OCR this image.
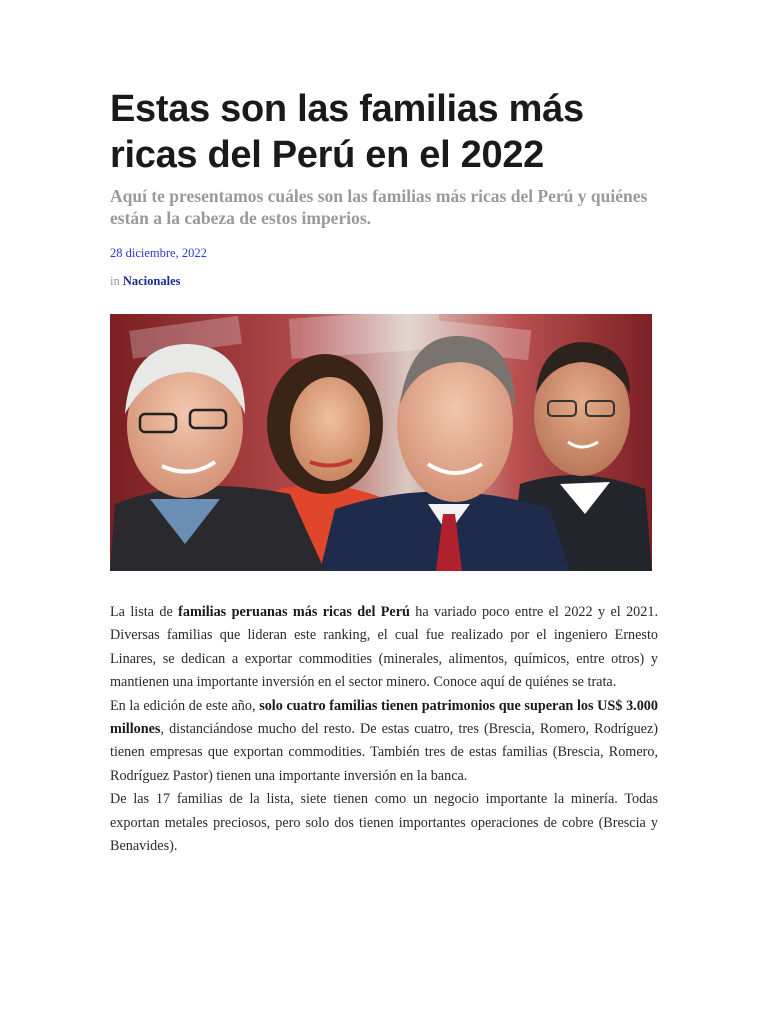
Estas son las familias más ricas del Perú en el 2022
Aquí te presentamos cuáles son las familias más ricas del Perú y quiénes están a la cabeza de estos imperios.
28 diciembre, 2022
in Nacionales

La lista de familias peruanas más ricas del Perú ha variado poco entre el 2022 y el 2021. Diversas familias que lideran este ranking, el cual fue realizado por el ingeniero Ernesto Linares, se dedican a exportar commodities (minerales, alimentos, químicos, entre otros) y mantienen una importante inversión en el sector minero. Conoce aquí de quiénes se trata.

En la edición de este año, solo cuatro familias tienen patrimonios que superan los US$ 3.000 millones, distanciándose mucho del resto. De estas cuatro, tres (Brescia, Romero, Rodríguez) tienen empresas que exportan commodities. También tres de estas familias (Brescia, Romero, Rodríguez Pastor) tienen una importante inversión en la banca.

De las 17 familias de la lista, siete tienen como un negocio importante la minería. Todas exportan metales preciosos, pero solo dos tienen importantes operaciones de cobre (Brescia y Benavides).
